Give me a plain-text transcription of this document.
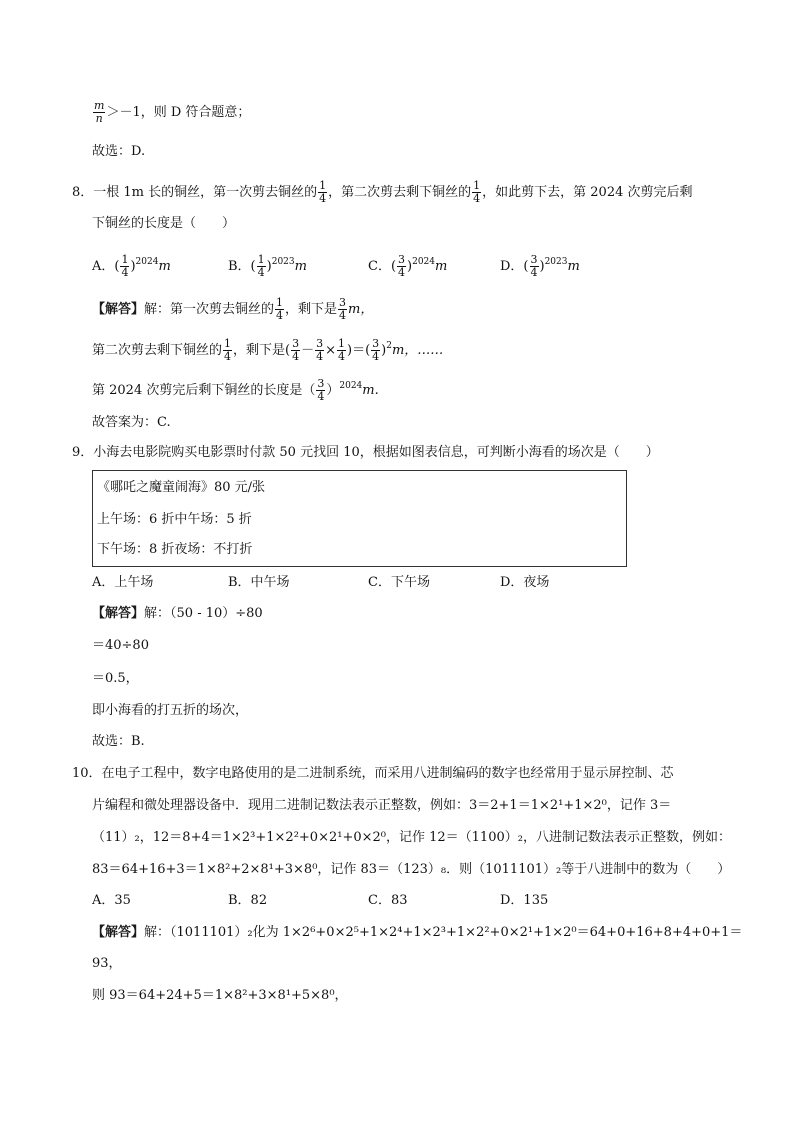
$\frac{m}{n} >-1$，则 D 符合题意；
故选：D.
8．一根 1m 长的铜丝，第一次剪去铜丝的 $\frac{1}{4}$ ，第二次剪去剩下铜丝的 $\frac{1}{4}$ ，如此剪下去，第 2024 次剪完后剩
下铜丝的长度是（　　）
A．( $\frac{1}{4} )^{2024}m$	B．( $\frac{1}{4} )^{2023}m$	C．( $\frac{3}{4} )^{2024}m$	D．( $\frac{3}{4} )^{2023}m$
【解答】解：第一次剪去铜丝的 $\frac{1}{4}$ ，剩下是 $\frac{3}{4}$ m，
第二次剪去剩下铜丝的 $\frac{1}{4}$ ，剩下是( $\frac{3}{4} - \frac{3}{4} \times \frac{1}{4}$ )＝( $\frac{3}{4} )^2m$，……
第 2024 次剪完后剩下铜丝的长度是（ $\frac{3}{4} )^{2024}m$.
故答案为：C.
9．小海去电影院购买电影票时付款 50 元找回 10，根据如图表信息，可判断小海看的场次是（　　）
《哪吒之魔童闹海》80 元/张
上午场：6 折中午场：5 折
下午场：8 折夜场：不打折
A．上午场	B．中午场	C．下午场	D．夜场
【解答】解：（50 - 10）÷80
＝40÷80
＝0.5，
即小海看的打五折的场次，
故选：B.
10．在电子工程中，数字电路使用的是二进制系统，而采用八进制编码的数字也经常用于显示屏控制、芯
片编程和微处理器设备中．现用二进制记数法表示正整数，例如：3＝2+1＝1×2¹+1×2⁰，记作 3＝
（11）₂，12＝8+4＝1×2³+1×2²+0×2¹+0×2⁰，记作 12＝（1100）₂，八进制记数法表示正整数，例如：
83＝64+16+3＝1×8²+2×8¹+3×8⁰，记作 83＝（123）₈．则（1011101）₂等于八进制中的数为（　　）
A．35	B．82	C．83	D．135
【解答】解：（1011101）₂化为 1×2⁶+0×2⁵+1×2⁴+1×2³+1×2²+0×2¹+1×2⁰＝64+0+16+8+4+0+1＝
93，
则 93＝64+24+5＝1×8²+3×8¹+5×8⁰，
